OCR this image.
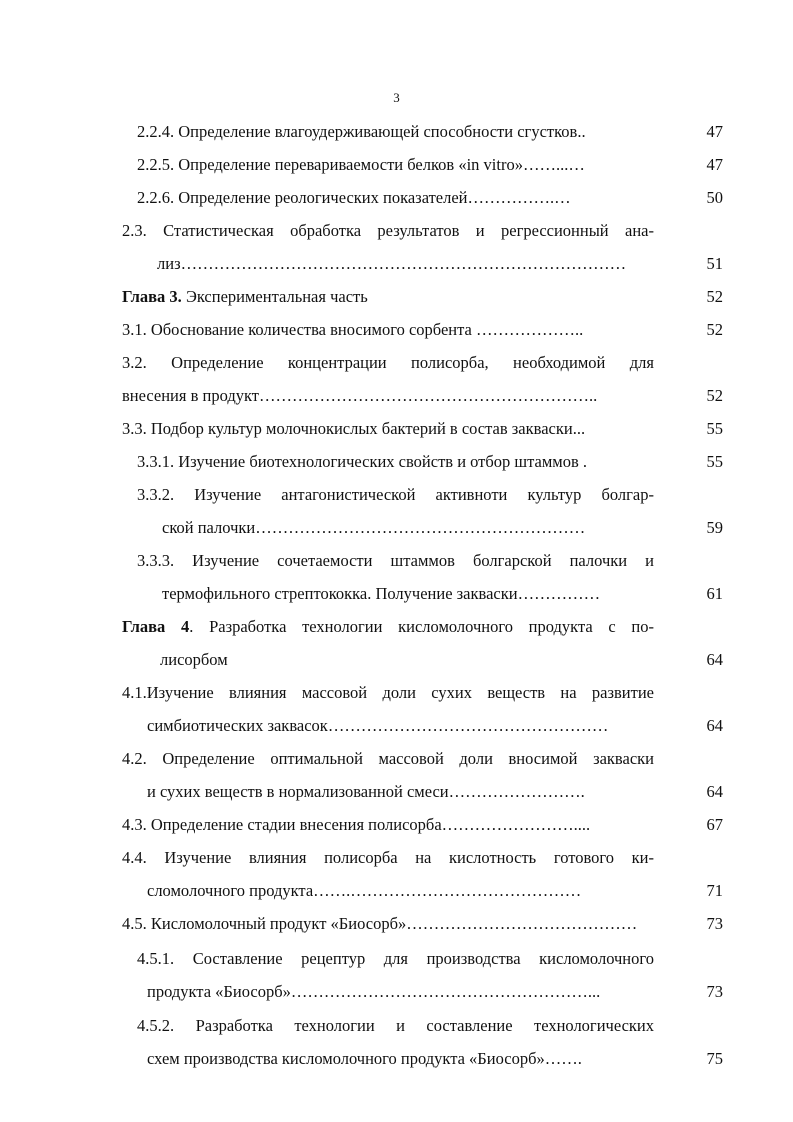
3
2.2.4. Определение влагоудерживающей способности сгустков..	47
2.2.5. Определение перевариваемости белков «in vitro»……...…	47
2.2.6. Определение реологических показателей…………….…	50
2.3. Статистическая обработка результатов и регрессионный ана-
лиз………………………………………………………………………	51
Глава 3. Экспериментальная часть	52
3.1. Обоснование количества вносимого сорбента ………………..	52
3.2. Определение концентрации полисорба, необходимой для
внесения в продукт……………………………………………………..	52
3.3. Подбор культур молочнокислых бактерий в состав закваски...	55
3.3.1. Изучение биотехнологических свойств и отбор штаммов .	55
3.3.2. Изучение антагонистической активноти культур болгар-
ской палочки……………………………………………………	59
3.3.3. Изучение сочетаемости штаммов болгарской палочки и
термофильного стрептококка. Получение закваски……………	61
Глава 4. Разработка технологии кисломолочного продукта с по-
лисорбом	64
4.1.Изучение влияния массовой доли сухих веществ на развитие
симбиотических заквасок……………………………………………	64
4.2. Определение оптимальной массовой доли вносимой закваски
и сухих веществ в нормализованной смеси…………………….	64
4.3. Определение стадии внесения полисорба……………………....	67
4.4. Изучение влияния полисорба на кислотность готового ки-
сломолочного продукта…….……………………………………	71
4.5. Кисломолочный продукт «Биосорб»……………………………………	73
4.5.1. Составление рецептур для производства кисломолочного
продукта «Биосорб»………………………………………………...	73
4.5.2. Разработка технологии и составление технологических
схем производства кисломолочного продукта «Биосорб»…….	75
